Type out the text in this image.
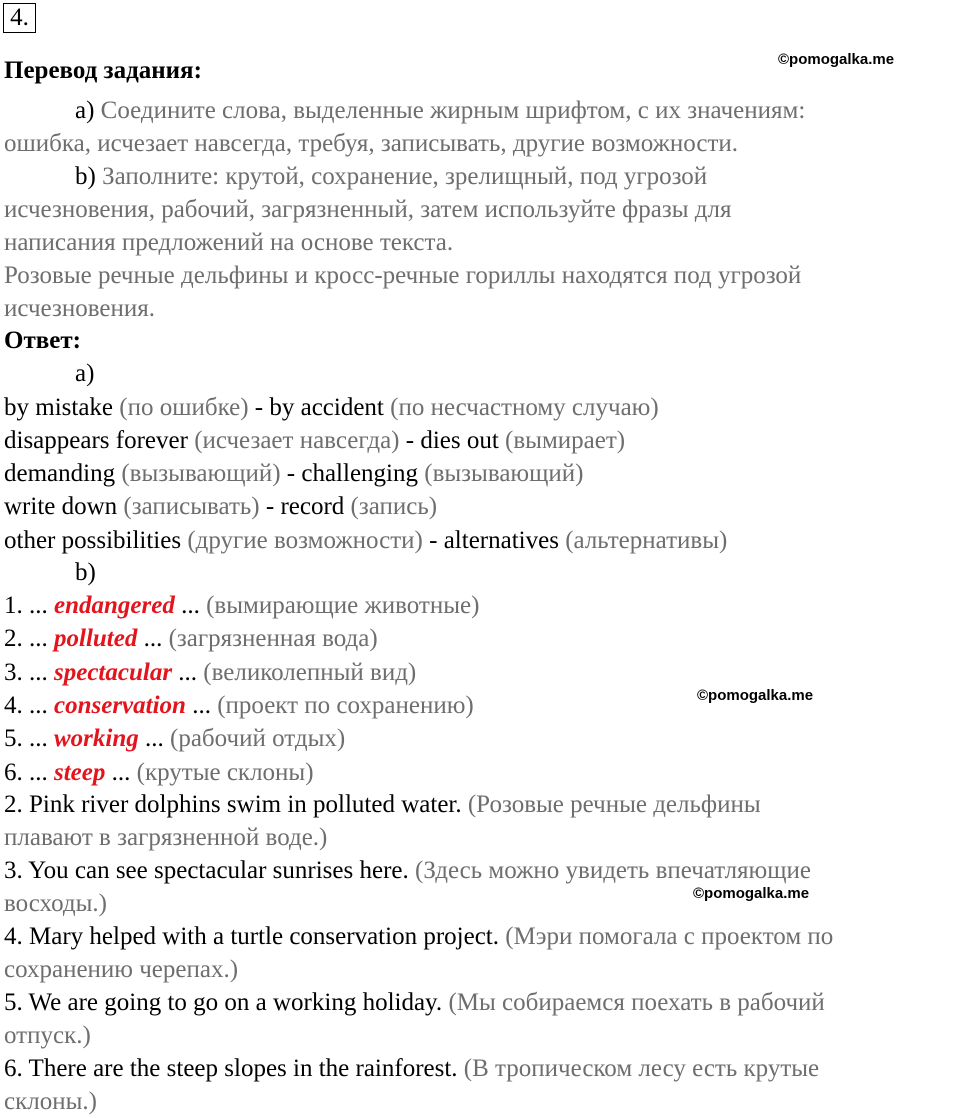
4.
©pomogalka.me
©pomogalka.me
©pomogalka.me
Перевод задания:
a) Соедините слова, выделенные жирным шрифтом, с их значениям:
ошибка, исчезает навсегда, требуя, записывать, другие возможности.
b) Заполните: крутой, сохранение, зрелищный, под угрозой
исчезновения, рабочий, загрязненный, затем используйте фразы для
написания предложений на основе текста.
Розовые речные дельфины и кросс-речные гориллы находятся под угрозой
исчезновения.
Ответ:
a)
by mistake (по ошибке) - by accident (по несчастному случаю)
disappears forever (исчезает навсегда) - dies out (вымирает)
demanding (вызывающий) - challenging (вызывающий)
write down (записывать) - record (запись)
other possibilities (другие возможности) - alternatives (альтернативы)
b)
1. ... endangered ... (вымирающие животные)
2. ... polluted ... (загрязненная вода)
3. ... spectacular ... (великолепный вид)
4. ... conservation ... (проект по сохранению)
5. ... working ... (рабочий отдых)
6. ... steep ... (крутые склоны)
2. Pink river dolphins swim in polluted water. (Розовые речные дельфины
плавают в загрязненной воде.)
3. You can see spectacular sunrises here. (Здесь можно увидеть впечатляющие
восходы.)
4. Mary helped with a turtle conservation project. (Мэри помогала с проектом по
сохранению черепах.)
5. We are going to go on a working holiday. (Мы собираемся поехать в рабочий
отпуск.)
6. There are the steep slopes in the rainforest. (В тропическом лесу есть крутые
склоны.)
